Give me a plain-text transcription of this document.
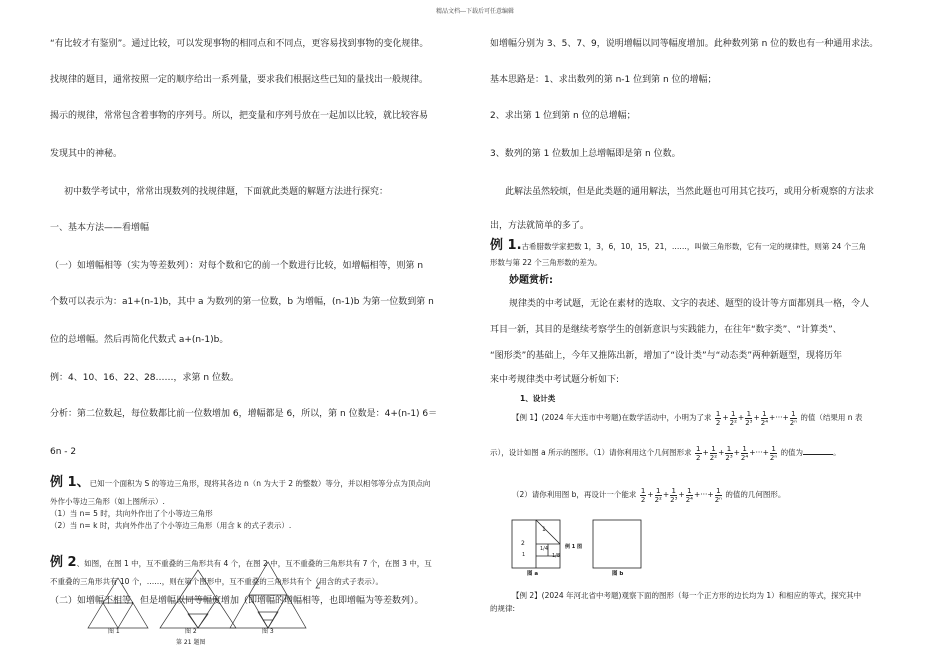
精品文档---下载后可任意编辑
“有比较才有鉴别”。通过比较，可以发现事物的相同点和不同点，更容易找到事物的变化规律。
找规律的题目，通常按照一定的顺序给出一系列量，要求我们根据这些已知的量找出一般规律。
揭示的规律，常常包含着事物的序列号。所以，把变量和序列号放在一起加以比较，就比较容易
发现其中的神秘。
初中数学考试中，常常出现数列的找规律题，下面就此类题的解题方法进行探究：
一、基本方法——看增幅
（一）如增幅相等（实为等差数列）：对每个数和它的前一个数进行比较，如增幅相等，则第 n
个数可以表示为：a1+(n-1)b，其中 a 为数列的第一位数，b 为增幅，(n-1)b 为第一位数到第 n
位的总增幅。然后再简化代数式 a+(n-1)b。
例：4、10、16、22、28……，求第 n 位数。
分析：第二位数起，每位数都比前一位数增加 6，增幅都是 6，所以，第 n 位数是：4+(n-1) 6＝
6n - 2
例 1、已知一个面积为 S 的等边三角形，现将其各边 n（n 为大于 2 的整数）等分，并以相邻等分点为顶点向
外作小等边三角形（如上图所示）.
（1）当 n= 5 时，共向外作出了个小等边三角形
（2）当 n= k 时，共向外作出了个小等边三角形（用含 k 的式子表示）.
图 1	图 2	图 3
第 21 题图
例 2、如图，在图 1 中，互不重叠的三角形共有 4 个，在图 2 中，互不重叠的三角形共有 7 个，在图 3 中，互
不重叠的三角形共有 10 个，……，则在第个图形中，互不重叠的三角形共有个（用含的式子表示）。
（二）如增幅不相等，但是增幅以同等幅度增加（即增幅的增幅相等，也即增幅为等差数列）。
如增幅分别为 3、5、7、9，说明增幅以同等幅度增加。此种数列第 n 位的数也有一种通用求法。
基本思路是：1、求出数列的第 n-1 位到第 n 位的增幅；
2、求出第 1 位到第 n 位的总增幅；
3、数列的第 1 位数加上总增幅即是第 n 位数。
此解法虽然较烦，但是此类题的通用解法，当然此题也可用其它技巧，或用分析观察的方法求
出，方法就简单的多了。
例 1.古希腊数学家把数 1，3，6，10，15，21，……，叫做三角形数，它有一定的规律性，则第 24 个三角
形数与第 22 个三角形数的差为。
妙题赏析:
规律类的中考试题，无论在素材的选取、文字的表述、题型的设计等方面都别具一格，令人
耳目一新，其目的是继续考察学生的创新意识与实践能力，在往年“数字类”、“计算类”、
“图形类”的基础上，今年又推陈出新，增加了“设计类”与“动态类”两种新题型，现将历年
来中考规律类中考试题分析如下:
1、设计类
【例 1】(2024 年大连市中考题)在数学活动中，小明为了求 $\frac{1}{2} + \frac{1}{\text{2²}} + \frac{1}{\text{2³}} + \frac{1}{\text{2⁴}}$ +···+ $\frac{1}{\text{2ⁿ}}$ 的值（结果用 n 表
示），设计如图 a 所示的图形。（1）请你利用这个几何图形求 $\frac{1}{2} + \frac{1}{\text{2²}} + \frac{1}{\text{2³}} + \frac{1}{\text{2⁴}}$ +···+ $\frac{1}{\text{2ⁿ}}$ 的值为	。
（2）请你利用图 b，再设计一个能求 $\frac{1}{2} + \frac{1}{\text{2²}} + \frac{1}{\text{2³}} + \frac{1}{\text{2⁴}}$ +···+ $\frac{1}{\text{2ⁿ}}$ 的值的几何图形。
2
1
1
1/4
1/8
例 1 图
图 a	图 b
【例 2】(2024 年河北省中考题)观察下面的图形（每一个正方形的边长均为 1）和相应的等式，探究其中
的规律:
